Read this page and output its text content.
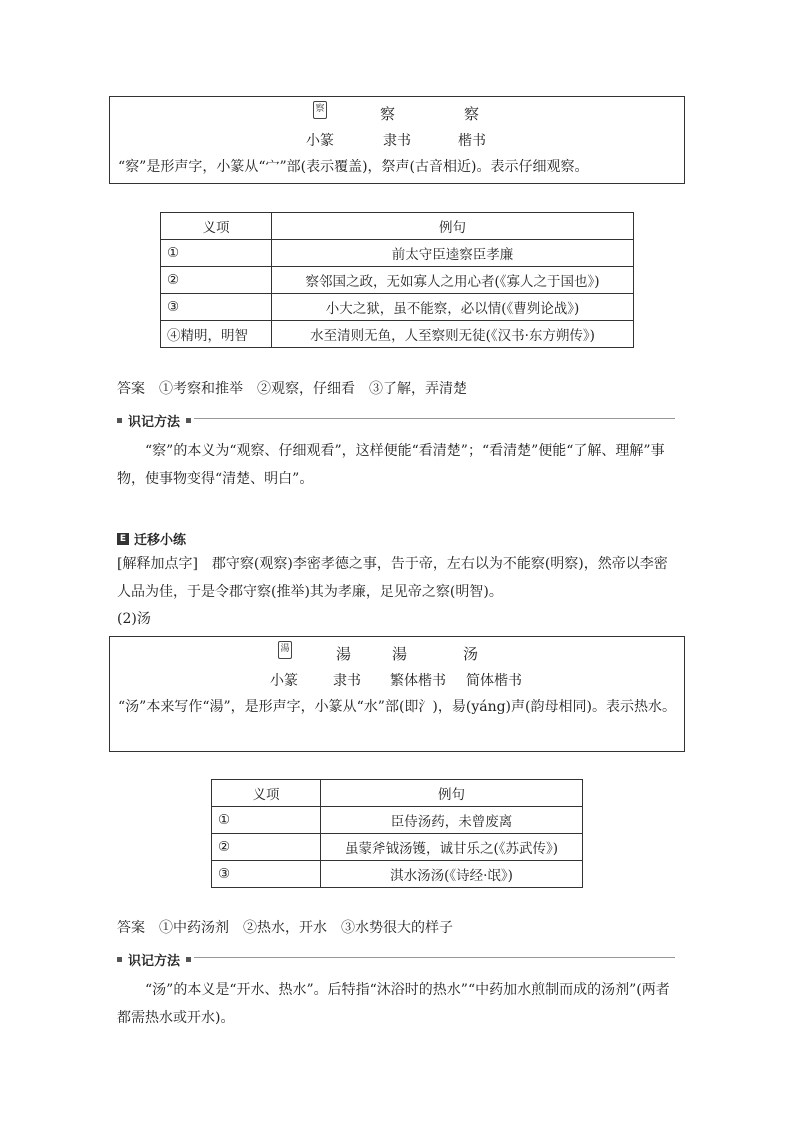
察	察	察
小篆	隶书	楷书
“察”是形声字，小篆从“宀”部(表示覆盖)，祭声(古音相近)。表示仔细观察。
义项	例句
①	前太守臣逵察臣孝廉
②	察邻国之政，无如寡人之用心者(《寡人之于国也》)
③	小大之狱，虽不能察，必以情(《曹刿论战》)
④精明，明智	水至清则无鱼，人至察则无徒(《汉书·东方朔传》)
答案　①考察和推举　②观察，仔细看　③了解，弄清楚
识记方法
“察”的本义为“观察、仔细观看”，这样便能“看清楚”；“看清楚”便能“了解、理解”事物，使事物变得“清楚、明白”。
E 迁移小练
[解释加点字]　郡守察(观察)李密孝德之事，告于帝，左右以为不能察(明察)，然帝以李密人品为佳，于是令郡守察(推举)其为孝廉，足见帝之察(明智)。
(2)汤
湯	湯	湯	汤
小篆	隶书 繁体楷书 简体楷书
“汤”本来写作“湯”，是形声字，小篆从“水”部(即氵)，昜(yáng)声(韵母相同)。表示热水。
义项	例句
①	臣侍汤药，未曾废离
②	虽蒙斧钺汤镬，诚甘乐之(《苏武传》)
③	淇水汤汤(《诗经·氓》)
答案　①中药汤剂　②热水，开水　③水势很大的样子
识记方法
“汤”的本义是“开水、热水”。后特指“沐浴时的热水”“中药加水煎制而成的汤剂”(两者都需热水或开水)。
